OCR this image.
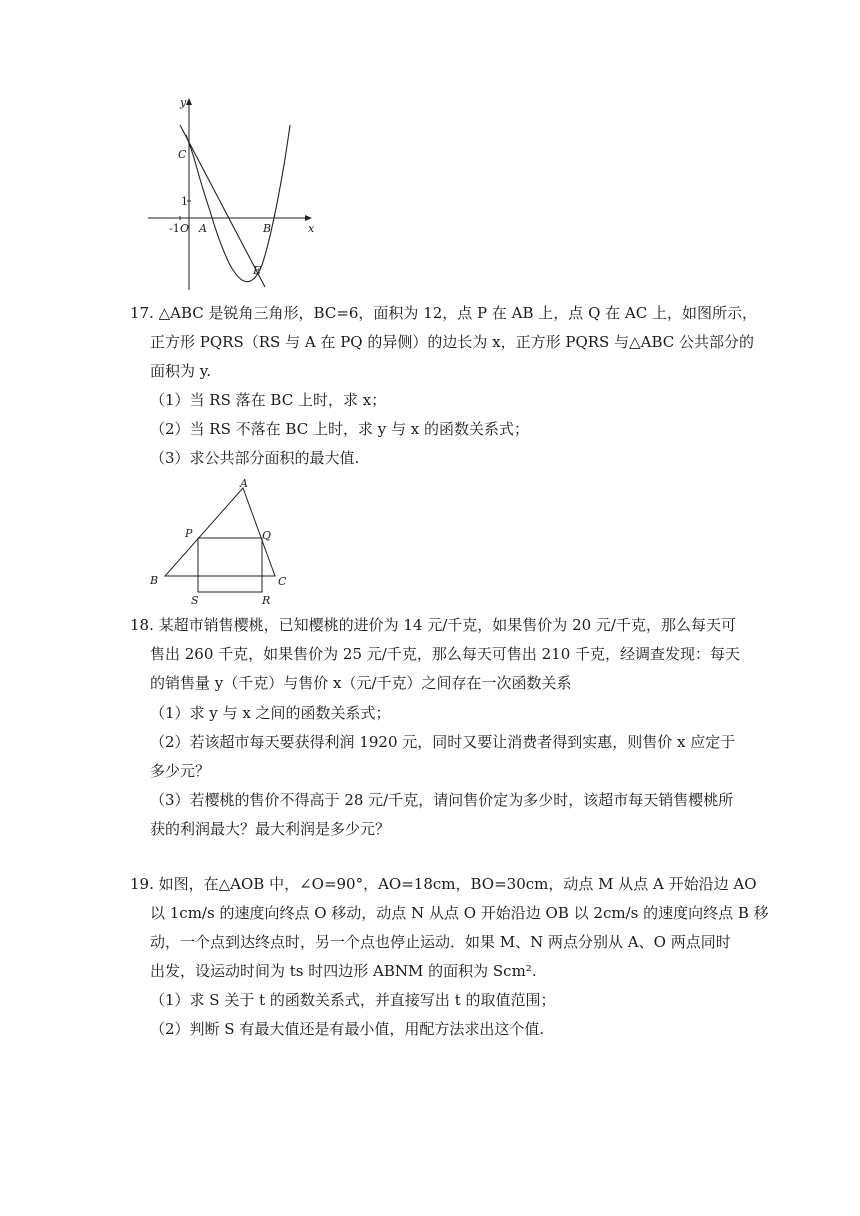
y
x
C
1
-1 O A	B
E
17. △ABC 是锐角三角形，BC=6，面积为 12，点 P 在 AB 上，点 Q 在 AC 上，如图所示，
正方形 PQRS（RS 与 A 在 PQ 的异侧）的边长为 x，正方形 PQRS 与△ABC 公共部分的
面积为 y.
（1）当 RS 落在 BC 上时，求 x；
（2）当 RS 不落在 BC 上时，求 y 与 x 的函数关系式；
（3）求公共部分面积的最大值.
A
P	Q
B	C
S	R
18. 某超市销售樱桃，已知樱桃的进价为 14 元/千克，如果售价为 20 元/千克，那么每天可
售出 260 千克，如果售价为 25 元/千克，那么每天可售出 210 千克，经调查发现：每天
的销售量 y（千克）与售价 x（元/千克）之间存在一次函数关系
（1）求 y 与 x 之间的函数关系式；
（2）若该超市每天要获得利润 1920 元，同时又要让消费者得到实惠，则售价 x 应定于
多少元？
（3）若樱桃的售价不得高于 28 元/千克，请问售价定为多少时，该超市每天销售樱桃所
获的利润最大？最大利润是多少元？
19. 如图，在△AOB 中，∠O=90°，AO=18cm，BO=30cm，动点 M 从点 A 开始沿边 AO
以 1cm/s 的速度向终点 O 移动，动点 N 从点 O 开始沿边 OB 以 2cm/s 的速度向终点 B 移
动，一个点到达终点时，另一个点也停止运动．如果 M、N 两点分别从 A、O 两点同时
出发，设运动时间为 ts 时四边形 ABNM 的面积为 Scm².
（1）求 S 关于 t 的函数关系式，并直接写出 t 的取值范围；
（2）判断 S 有最大值还是有最小值，用配方法求出这个值.
